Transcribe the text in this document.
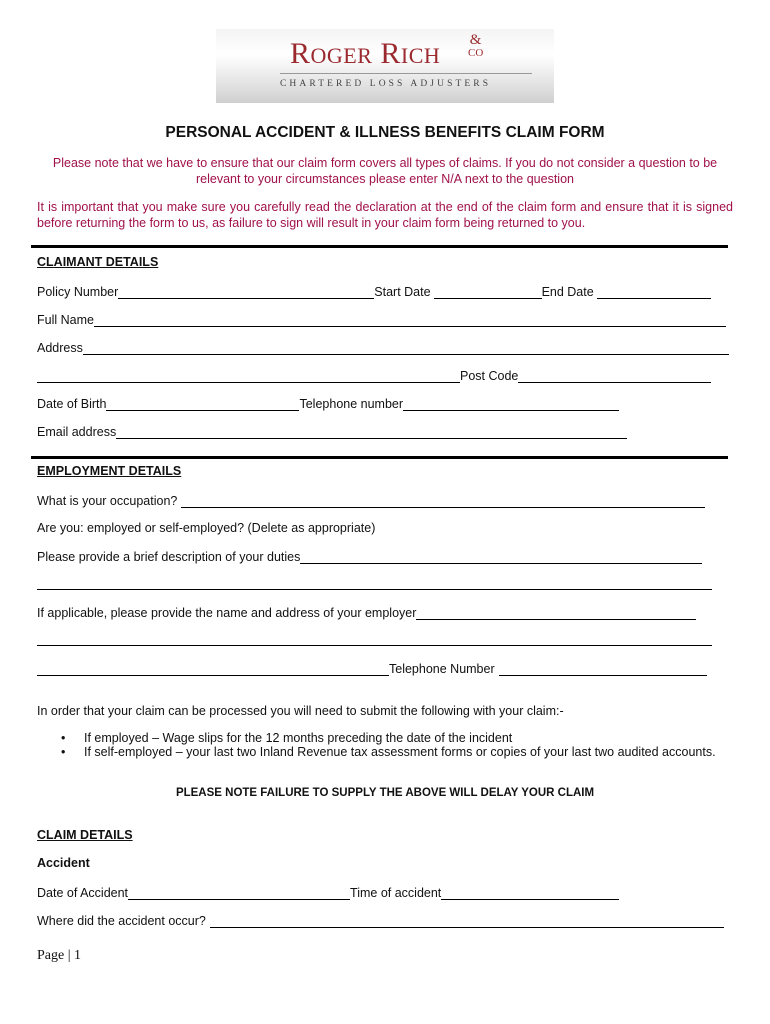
ROGER RICH
&
CO
CHARTERED LOSS ADJUSTERS
PERSONAL ACCIDENT & ILLNESS BENEFITS CLAIM FORM
Please note that we have to ensure that our claim form covers all types of claims. If you do not consider a question to be relevant to your circumstances please enter N/A next to the question
It is important that you make sure you carefully read the declaration at the end of the claim form and ensure that it is signed before returning the form to us, as failure to sign will result in your claim form being returned to you.
CLAIMANT DETAILS
Policy Number	Start Date	End Date
Full Name
Address
Post Code
Date of Birth	Telephone number
Email address
EMPLOYMENT DETAILS
What is your occupation?
Are you: employed or self-employed? (Delete as appropriate)
Please provide a brief description of your duties
If applicable, please provide the name and address of your employer
Telephone Number
In order that your claim can be processed you will need to submit the following with your claim:-
• If employed – Wage slips for the 12 months preceding the date of the incident
• If self-employed – your last two Inland Revenue tax assessment forms or copies of your last two audited accounts.
PLEASE NOTE FAILURE TO SUPPLY THE ABOVE WILL DELAY YOUR CLAIM
CLAIM DETAILS
Accident
Date of Accident	Time of accident
Where did the accident occur?
Page | 1
